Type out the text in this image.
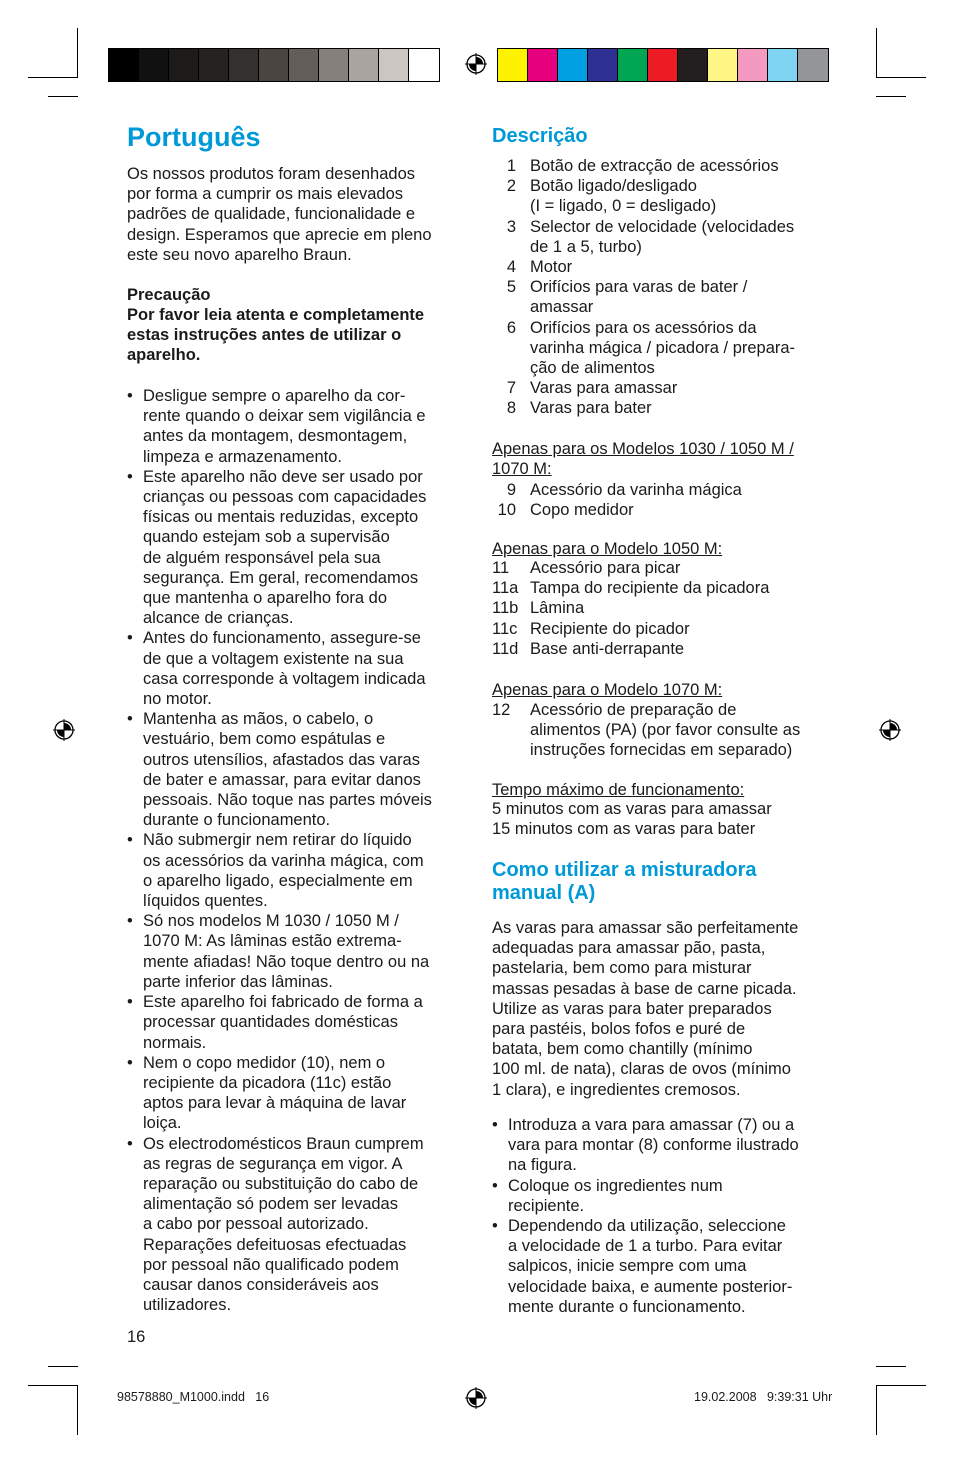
Português
Os nossos produtos foram desenhados
por forma a cumprir os mais elevados
padrões de qualidade, funcionalidade e
design. Esperamos que aprecie em pleno
este seu novo aparelho Braun.
Precaução
Por favor leia atenta e completamente
estas instruções antes de utilizar o
aparelho.
• Desligue sempre o aparelho da cor-
rente quando o deixar sem vigilância e
antes da montagem, desmontagem,
limpeza e armazenamento.
• Este aparelho não deve ser usado por
crianças ou pessoas com capacidades
físicas ou mentais reduzidas, excepto
quando estejam sob a supervisão
de alguém responsável pela sua
segurança. Em geral, recomendamos
que mantenha o aparelho fora do
alcance de crianças.
• Antes do funcionamento, assegure-se
de que a voltagem existente na sua
casa corresponde à voltagem indicada
no motor.
• Mantenha as mãos, o cabelo, o
vestuário, bem como espátulas e
outros utensílios, afastados das varas
de bater e amassar, para evitar danos
pessoais. Não toque nas partes móveis
durante o funcionamento.
• Não submergir nem retirar do líquido
os acessórios da varinha mágica, com
o aparelho ligado, especialmente em
líquidos quentes.
• Só nos modelos M 1030 / 1050 M /
1070 M: As lâminas estão extrema-
mente afiadas! Não toque dentro ou na
parte inferior das lâminas.
• Este aparelho foi fabricado de forma a
processar quantidades domésticas
normais.
• Nem o copo medidor (10), nem o
recipiente da picadora (11c) estão
aptos para levar à máquina de lavar
loiça.
• Os electrodomésticos Braun cumprem
as regras de segurança em vigor. A
reparação ou substituição do cabo de
alimentação só podem ser levadas
a cabo por pessoal autorizado.
Reparações defeituosas efectuadas
por pessoal não qualificado podem
causar danos consideráveis aos
utilizadores.
16
Descrição
1 Botão de extracção de acessórios
2 Botão ligado/desligado
(I = ligado, 0 = desligado)
3 Selector de velocidade (velocidades
de 1 a 5, turbo)
4 Motor
5 Orifícios para varas de bater /
amassar
6 Orifícios para os acessórios da
varinha mágica / picadora / prepara-
ção de alimentos
7 Varas para amassar
8 Varas para bater
Apenas para os Modelos 1030 / 1050 M /
1070 M:
9 Acessório da varinha mágica
10 Copo medidor
Apenas para o Modelo 1050 M:
11	Acessório para picar
11a Tampa do recipiente da picadora
11b Lâmina
11c Recipiente do picador
11d Base anti-derrapante
Apenas para o Modelo 1070 M:
12	Acessório de preparação de
alimentos (PA) (por favor consulte as
instruções fornecidas em separado)
Tempo máximo de funcionamento:
5 minutos com as varas para amassar
15 minutos com as varas para bater
Como utilizar a misturadora
manual (A)
As varas para amassar são perfeitamente
adequadas para amassar pão, pasta,
pastelaria, bem como para misturar
massas pesadas à base de carne picada.
Utilize as varas para bater preparados
para pastéis, bolos fofos e puré de
batata, bem como chantilly (mínimo
100 ml. de nata), claras de ovos (mínimo
1 clara), e ingredientes cremosos.
• Introduza a vara para amassar (7) ou a
vara para montar (8) conforme ilustrado
na figura.
• Coloque os ingredientes num
recipiente.
• Dependendo da utilização, seleccione
a velocidade de 1 a turbo. Para evitar
salpicos, inicie sempre com uma
velocidade baixa, e aumente posterior-
mente durante o funcionamento.
98578880_M1000.indd   16	19.02.2008   9:39:31 Uhr
